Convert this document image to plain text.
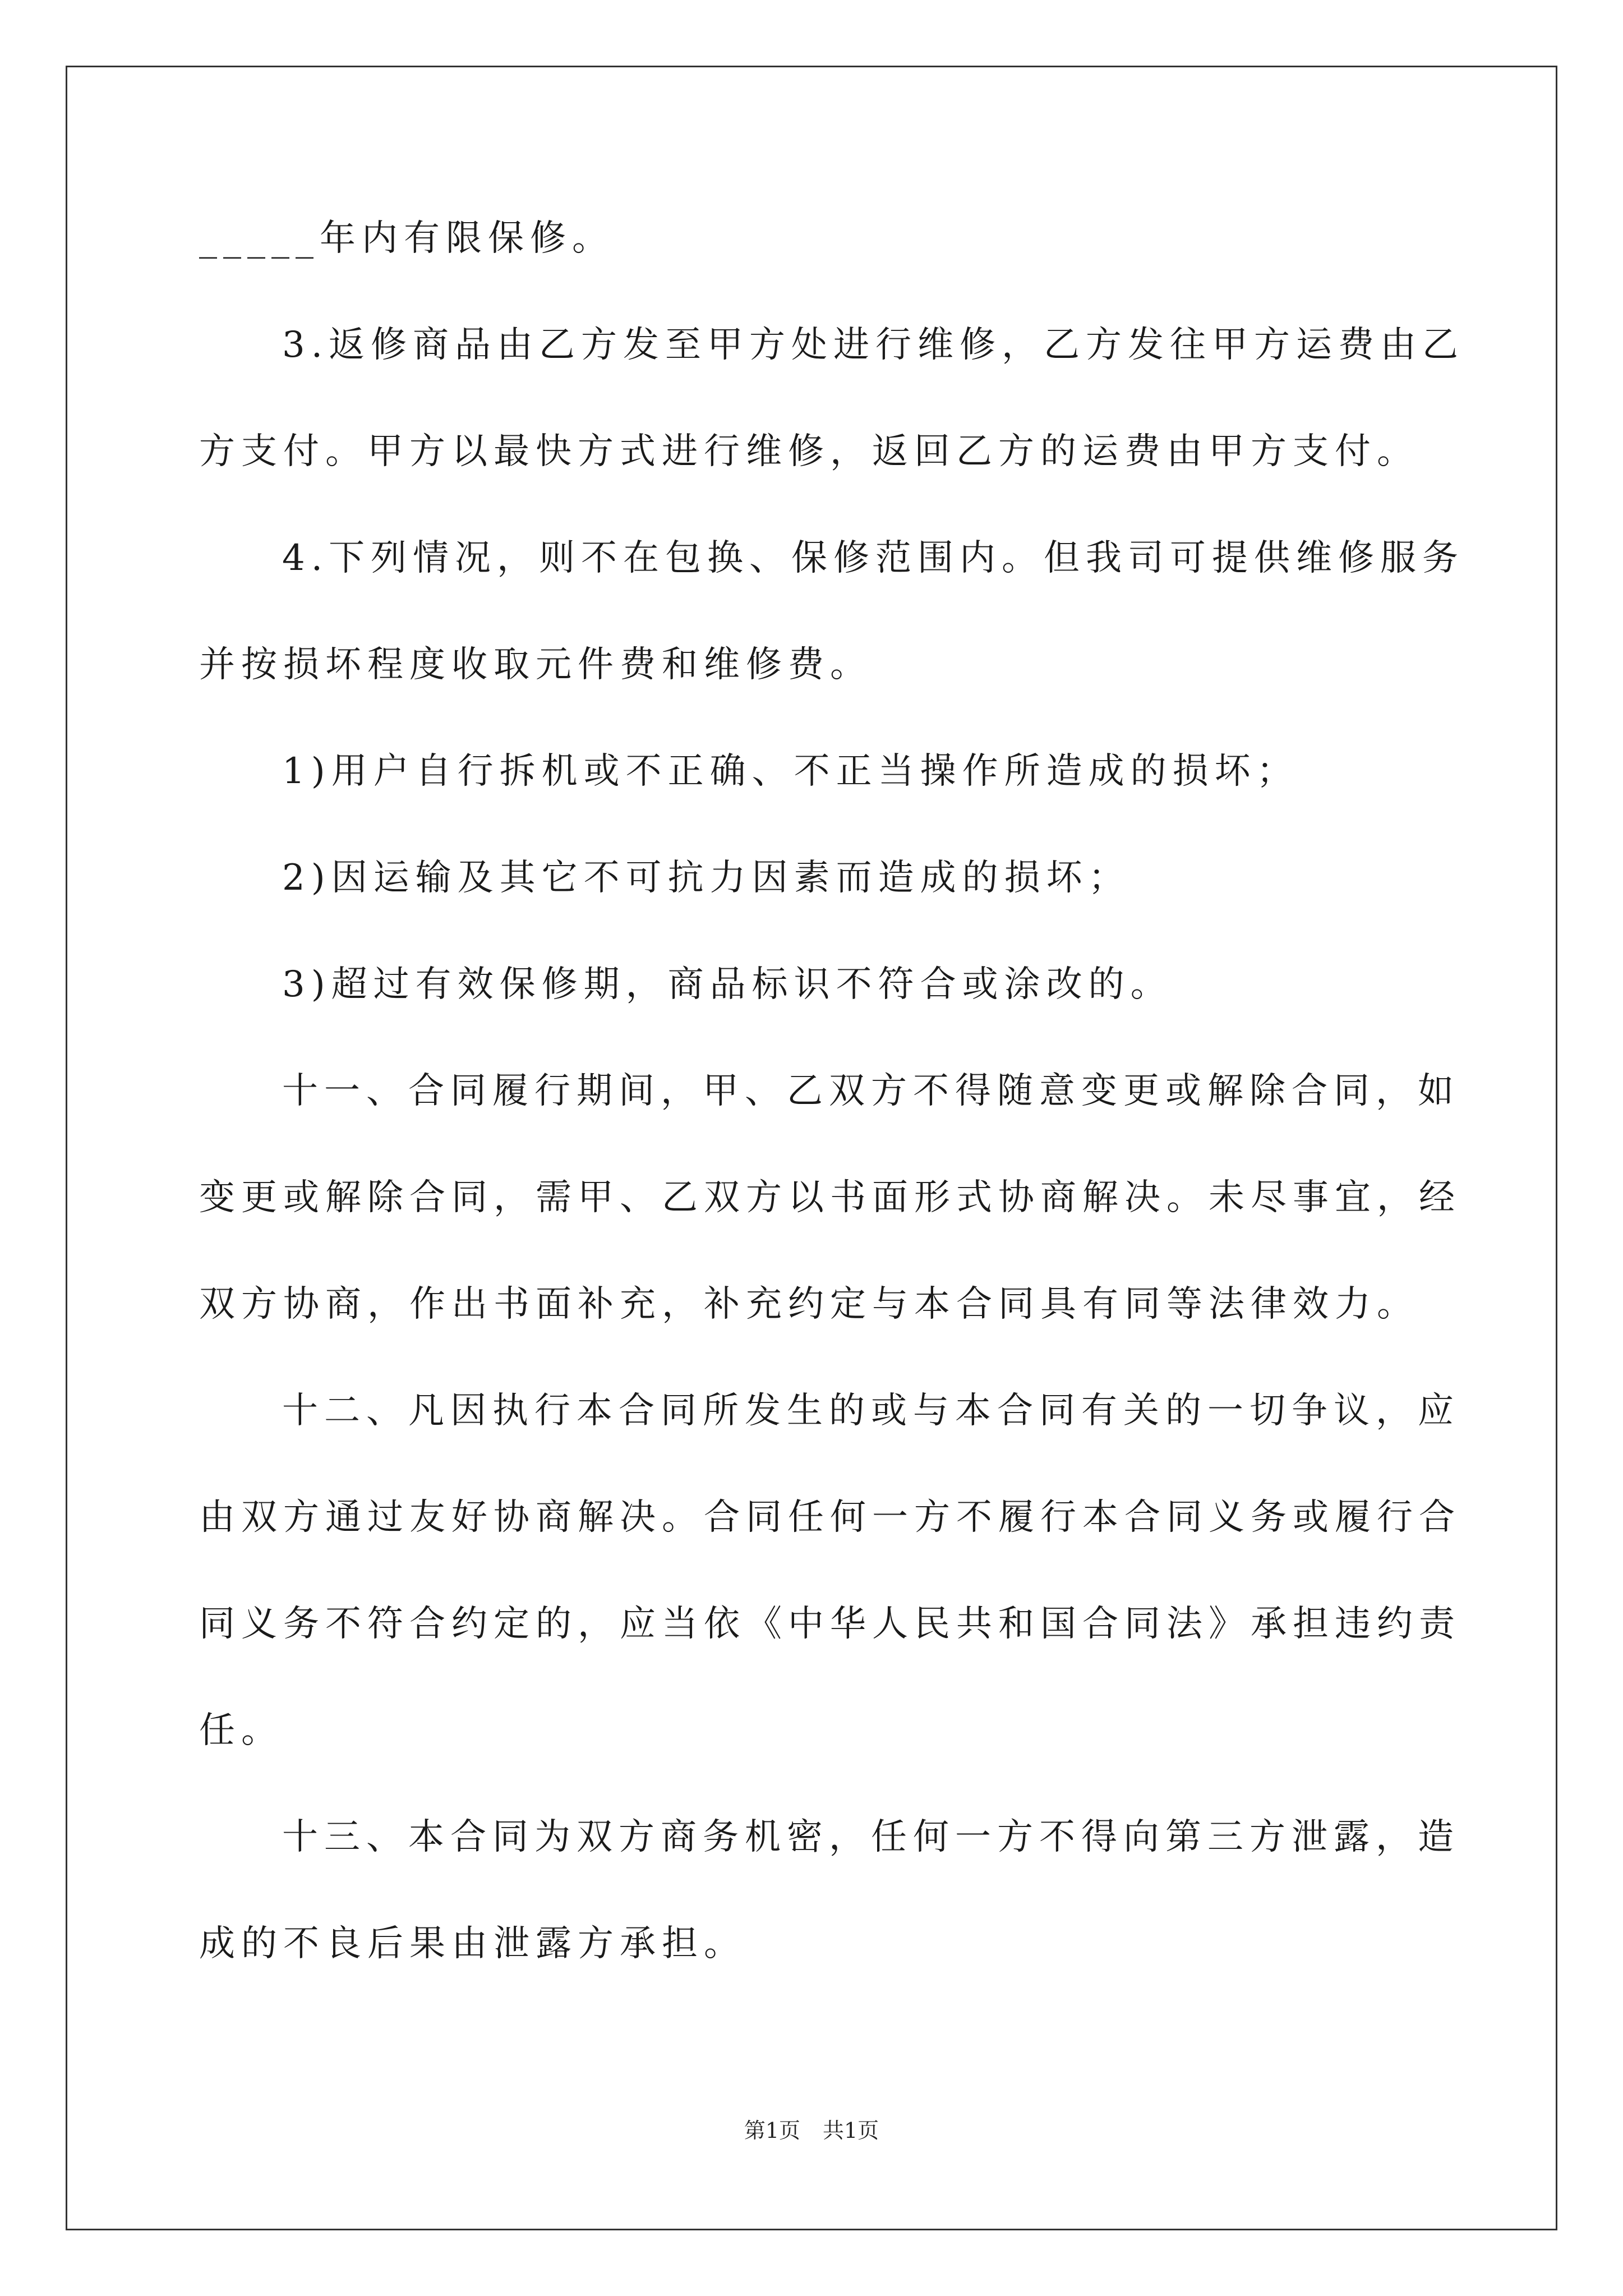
_____年内有限保修。
3.返修商品由乙方发至甲方处进行维修，乙方发往甲方运费由乙
方支付。甲方以最快方式进行维修，返回乙方的运费由甲方支付。
4.下列情况，则不在包换、保修范围内。但我司可提供维修服务
并按损坏程度收取元件费和维修费。
1)用户自行拆机或不正确、不正当操作所造成的损坏；
2)因运输及其它不可抗力因素而造成的损坏；
3)超过有效保修期，商品标识不符合或涂改的。
十一、合同履行期间，甲、乙双方不得随意变更或解除合同，如
变更或解除合同，需甲、乙双方以书面形式协商解决。未尽事宜，经
双方协商，作出书面补充，补充约定与本合同具有同等法律效力。
十二、凡因执行本合同所发生的或与本合同有关的一切争议，应
由双方通过友好协商解决。合同任何一方不履行本合同义务或履行合
同义务不符合约定的，应当依《中华人民共和国合同法》承担违约责
任。
十三、本合同为双方商务机密，任何一方不得向第三方泄露，造
成的不良后果由泄露方承担。
第1页 共1页
